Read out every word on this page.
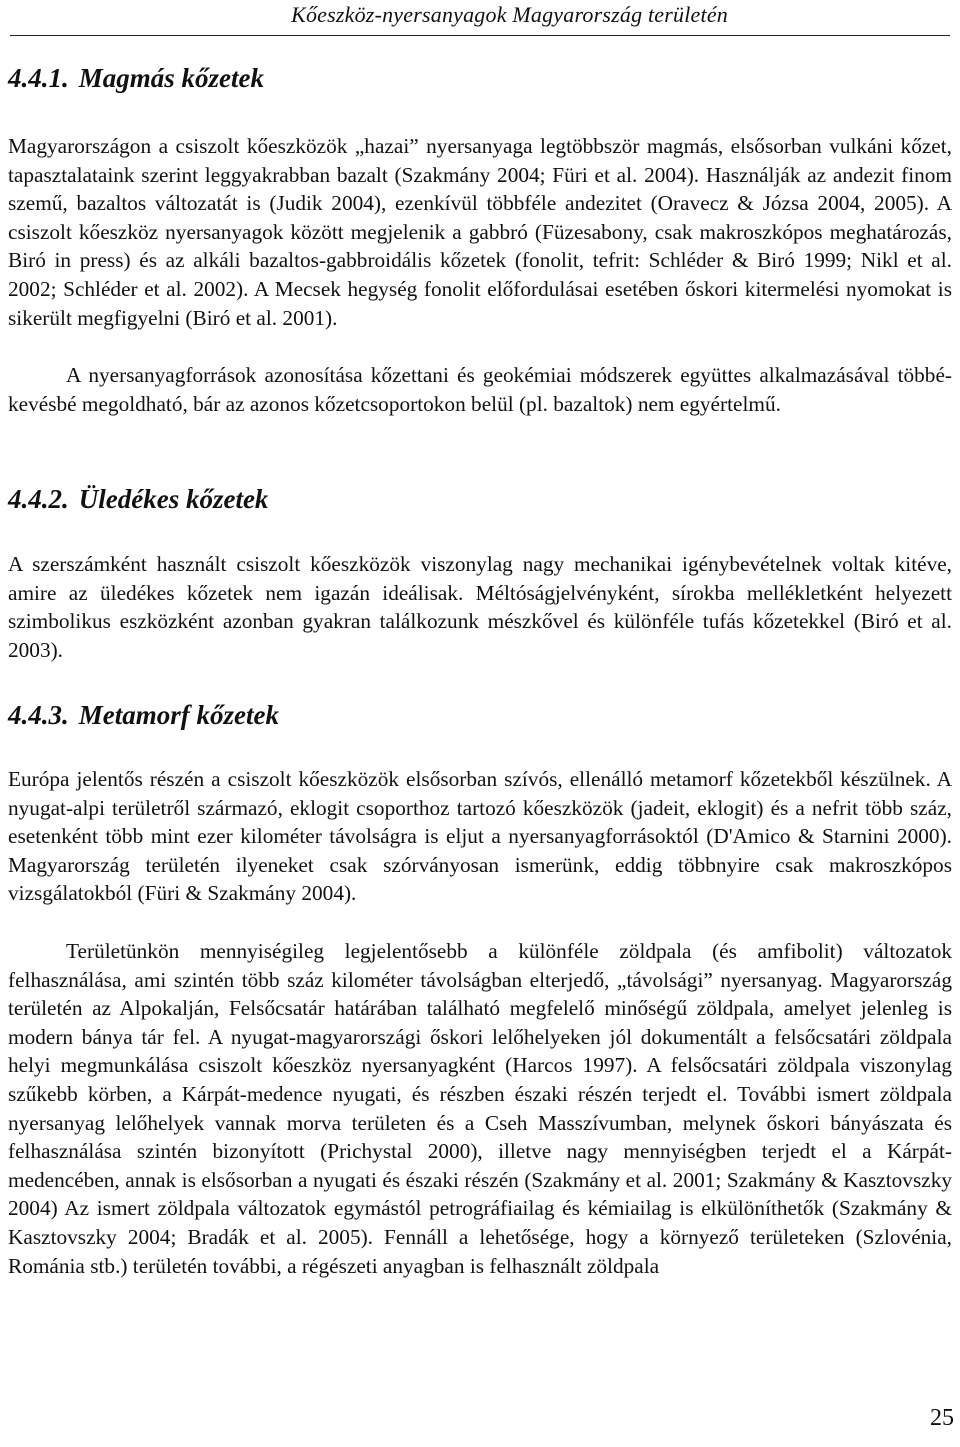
Kőeszköz-nyersanyagok Magyarország területén
4.4.1. Magmás kőzetek

Magyarországon a csiszolt kőeszközök „hazai” nyersanyaga legtöbbször magmás, elsősorban vulkáni kőzet, tapasztalataink szerint leggyakrabban bazalt (Szakmány 2004; Füri et al. 2004). Használják az andezit finom szemű, bazaltos változatát is (Judik 2004), ezenkívül többféle andezitet (Oravecz & Józsa 2004, 2005). A csiszolt kőeszköz nyersanyagok között megjelenik a gabbró (Füzesabony, csak makroszkópos meghatározás, Biró in press) és az alkáli bazaltos-gabbroidális kőzetek (fonolit, tefrit: Schléder & Biró 1999; Nikl et al. 2002; Schléder et al. 2002). A Mecsek hegység fonolit előfordulásai esetében őskori kitermelési nyomokat is sikerült megfigyelni (Biró et al. 2001).

A nyersanyagforrások azonosítása kőzettani és geokémiai módszerek együttes alkalmazásával többé-kevésbé megoldható, bár az azonos kőzetcsoportokon belül (pl. bazaltok) nem egyértelmű.

4.4.2. Üledékes kőzetek

A szerszámként használt csiszolt kőeszközök viszonylag nagy mechanikai igénybevételnek voltak kitéve, amire az üledékes kőzetek nem igazán ideálisak. Méltóságjelvényként, sírokba mellékletként helyezett szimbolikus eszközként azonban gyakran találkozunk mészkővel és különféle tufás kőzetekkel (Biró et al. 2003).

4.4.3. Metamorf kőzetek

Európa jelentős részén a csiszolt kőeszközök elsősorban szívós, ellenálló metamorf kőzetekből készülnek. A nyugat-alpi területről származó, eklogit csoporthoz tartozó kőeszközök (jadeit, eklogit) és a nefrit több száz, esetenként több mint ezer kilométer távolságra is eljut a nyersanyagforrásoktól (D'Amico & Starnini 2000). Magyarország területén ilyeneket csak szórványosan ismerünk, eddig többnyire csak makroszkópos vizsgálatokból (Füri & Szakmány 2004).

Területünkön mennyiségileg legjelentősebb a különféle zöldpala (és amfibolit) változatok felhasználása, ami szintén több száz kilométer távolságban elterjedő, „távolsági” nyersanyag. Magyarország területén az Alpokalján, Felsőcsatár határában található megfelelő minőségű zöldpala, amelyet jelenleg is modern bánya tár fel. A nyugat-magyarországi őskori lelőhelyeken jól dokumentált a felsőcsatári zöldpala helyi megmunkálása csiszolt kőeszköz nyersanyagként (Harcos 1997). A felsőcsatári zöldpala viszonylag szűkebb körben, a Kárpát-medence nyugati, és részben északi részén terjedt el. További ismert zöldpala nyersanyag lelőhelyek vannak morva területen és a Cseh Masszívumban, melynek őskori bányászata és felhasználása szintén bizonyított (Prichystal 2000), illetve nagy mennyiségben terjedt el a Kárpát-medencében, annak is elsősorban a nyugati és északi részén (Szakmány et al. 2001; Szakmány & Kasztovszky 2004) Az ismert zöldpala változatok egymástól petrográfiailag és kémiailag is elkülöníthetők (Szakmány & Kasztovszky 2004; Bradák et al. 2005). Fennáll a lehetősége, hogy a környező területeken (Szlovénia, Románia stb.) területén további, a régészeti anyagban is felhasznált zöldpala

25
